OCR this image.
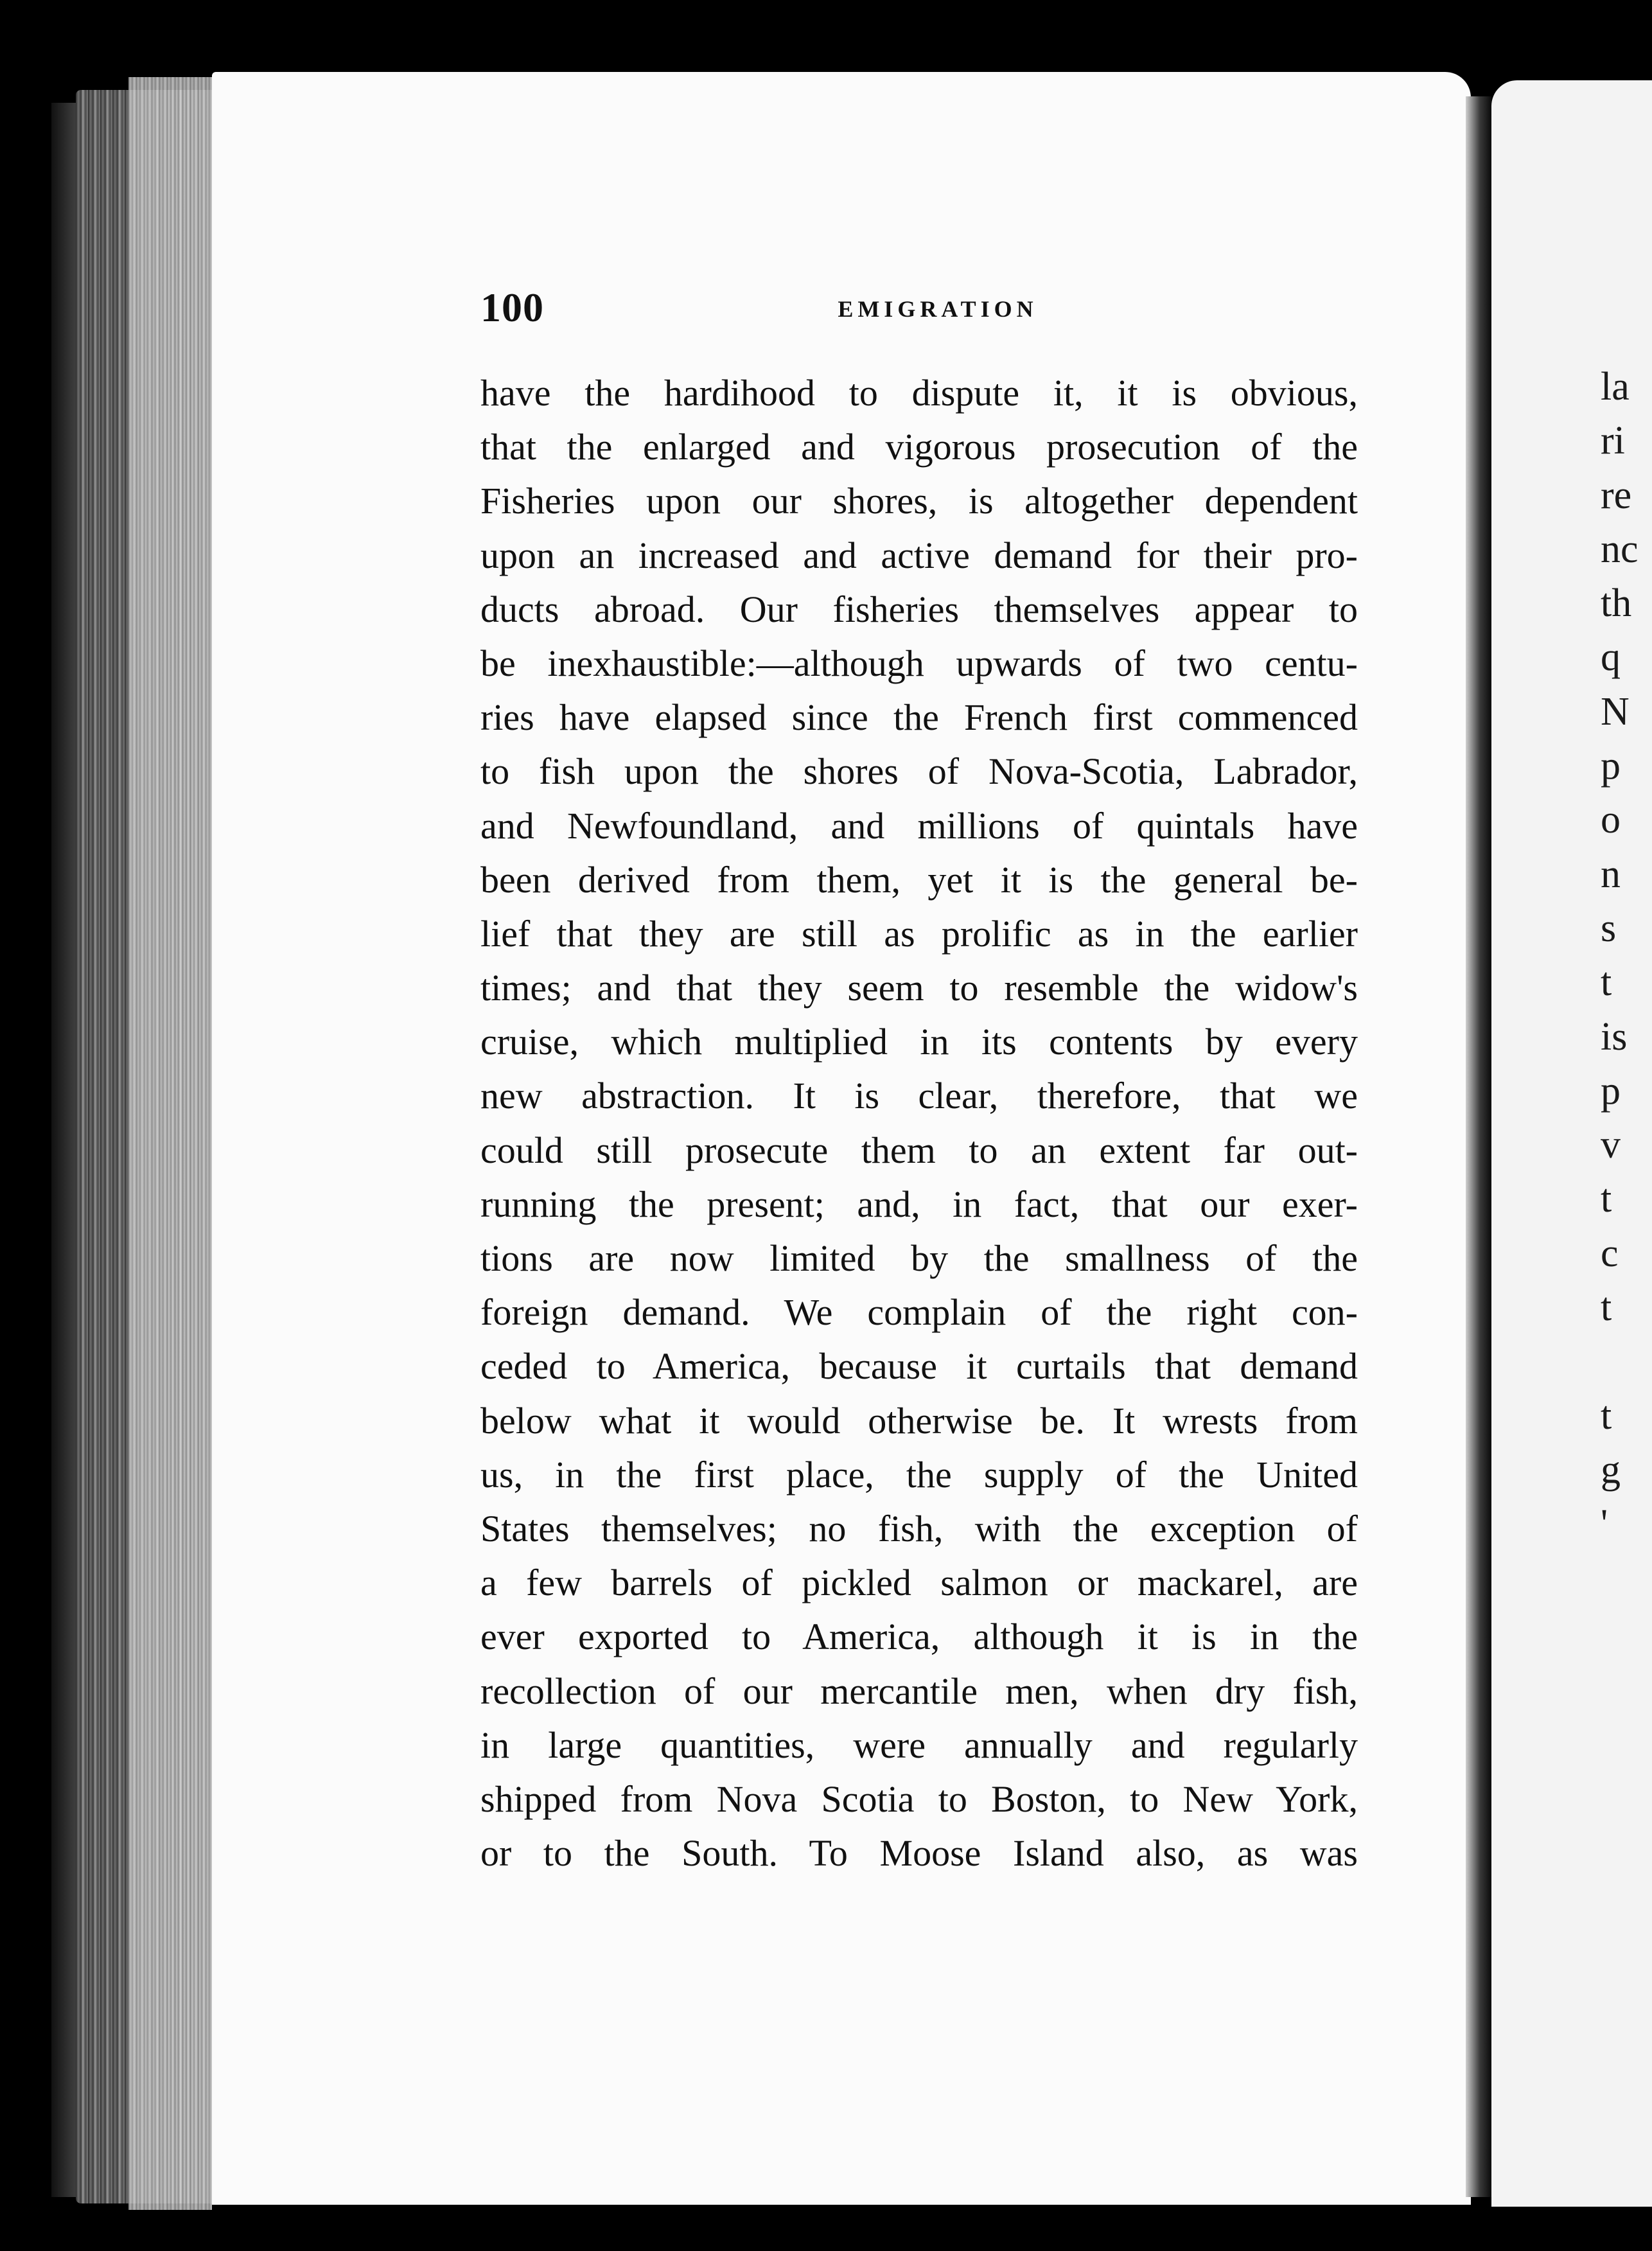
la
ri
re
nc
th
q
N
p
o
n
s
t
is
p
v
t
c
t
t
g
'
100	EMIGRATION
have the hardihood to dispute it, it is obvious,
that the enlarged and vigorous prosecution of the
Fisheries upon our shores, is altogether dependent
upon an increased and active demand for their pro-
ducts abroad. Our fisheries themselves appear to
be inexhaustible:—although upwards of two centu-
ries have elapsed since the French first commenced
to fish upon the shores of Nova-Scotia, Labrador,
and Newfoundland, and millions of quintals have
been derived from them, yet it is the general be-
lief that they are still as prolific as in the earlier
times; and that they seem to resemble the widow's
cruise, which multiplied in its contents by every
new abstraction. It is clear, therefore, that we
could still prosecute them to an extent far out-
running the present; and, in fact, that our exer-
tions are now limited by the smallness of the
foreign demand. We complain of the right con-
ceded to America, because it curtails that demand
below what it would otherwise be. It wrests from
us, in the first place, the supply of the United
States themselves; no fish, with the exception of
a few barrels of pickled salmon or mackarel, are
ever exported to America, although it is in the
recollection of our mercantile men, when dry fish,
in large quantities, were annually and regularly
shipped from Nova Scotia to Boston, to New York,
or to the South. To Moose Island also, as was
